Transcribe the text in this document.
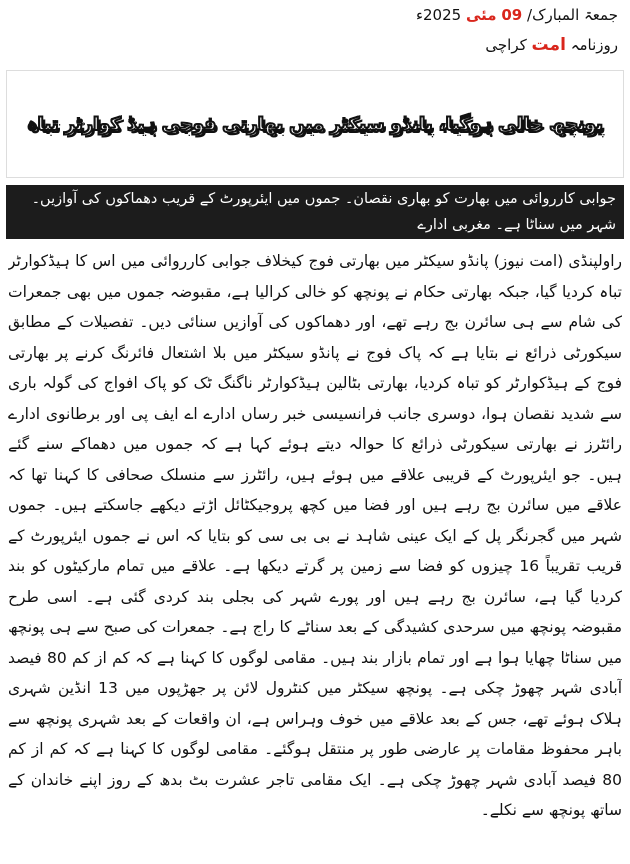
جمعۃ المبارک/ 09 مئی 2025ء
روزنامہ امت کراچی
پونچھ خالی ہوگیا، پانڈو سیکٹر میں بھارتی فوجی ہیڈ کوارٹر تباہ
جوابی کارروائی میں بھارت کو بھاری نقصان۔ جموں میں ایئرپورٹ کے قریب دھماکوں کی آوازیں۔ شہر میں سناٹا ہے۔ مغربی ادارے
راولپنڈی (امت نیوز) پانڈو سیکٹر میں بھارتی فوج کیخلاف جوابی کارروائی میں اس کا ہیڈکوارٹر تباہ کردیا گیا، جبکہ بھارتی حکام نے پونچھ کو خالی کرالیا ہے، مقبوضہ جموں میں بھی جمعرات کی شام سے ہی سائرن بج رہے تھے، اور دھماکوں کی آوازیں سنائی دیں۔ تفصیلات کے مطابق سیکورٹی ذرائع نے بتایا ہے کہ پاک فوج نے پانڈو سیکٹر میں بلا اشتعال فائرنگ کرنے پر بھارتی فوج کے ہیڈکوارٹر کو تباہ کردیا، بھارتی بٹالین ہیڈکوارٹر ناگنگ ٹک کو پاک افواج کی گولہ باری سے شدید نقصان ہوا، دوسری جانب فرانسیسی خبر رساں ادارے اے ایف پی اور برطانوی ادارے رائٹرز نے بھارتی سیکورٹی ذرائع کا حوالہ دیتے ہوئے کہا ہے کہ جموں میں دھماکے سنے گئے ہیں۔ جو ایئرپورٹ کے قریبی علاقے میں ہوئے ہیں، رائٹرز سے منسلک صحافی کا کہنا تھا کہ علاقے میں سائرن بج رہے ہیں اور فضا میں کچھ پروجیکٹائل اڑتے دیکھے جاسکتے ہیں۔ جموں شہر میں گجرنگر پل کے ایک عینی شاہد نے بی بی سی کو بتایا کہ اس نے جموں ایئرپورٹ کے قریب تقریباً 16 چیزوں کو فضا سے زمین پر گرتے دیکھا ہے۔ علاقے میں تمام مارکیٹوں کو بند کردیا گیا ہے، سائرن بج رہے ہیں اور پورے شہر کی بجلی بند کردی گئی ہے۔ اسی طرح مقبوضہ پونچھ میں سرحدی کشیدگی کے بعد سناٹے کا راج ہے۔ جمعرات کی صبح سے ہی پونچھ میں سناٹا چھایا ہوا ہے اور تمام بازار بند ہیں۔ مقامی لوگوں کا کہنا ہے کہ کم از کم 80 فیصد آبادی شہر چھوڑ چکی ہے۔ پونچھ سیکٹر میں کنٹرول لائن پر جھڑپوں میں 13 انڈین شہری ہلاک ہوئے تھے، جس کے بعد علاقے میں خوف وہراس ہے، ان واقعات کے بعد شہری پونچھ سے باہر محفوظ مقامات پر عارضی طور پر منتقل ہوگئے۔ مقامی لوگوں کا کہنا ہے کہ کم از کم 80 فیصد آبادی شہر چھوڑ چکی ہے۔ ایک مقامی تاجر عشرت بٹ بدھ کے روز اپنے خاندان کے ساتھ پونچھ سے نکلے۔
